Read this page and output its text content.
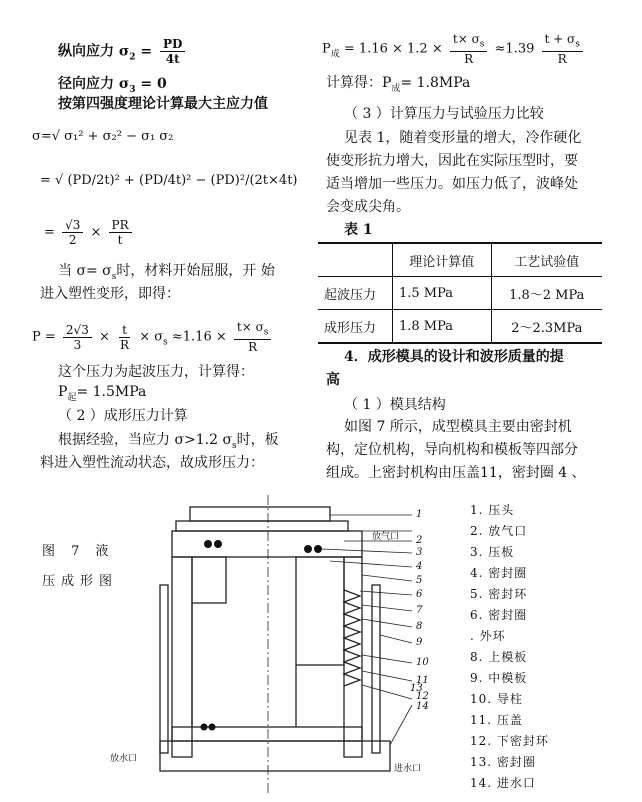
纵向应力 $\sigma_2 = \frac{PD}{4t}$
径向应力 $\sigma_3 = 0$
按第四强度理论计算最大主应力值
σ=√ σ₁² + σ₂² − σ₁ σ₂
= √ (PD/2t)² + (PD/4t)² − (PD)²/(2t×4t)
= $\frac{√3}{2} \times \frac{PR}{t}$
当 $\sigma= \sigma_s$时，材料开始屈服，开 始
进入塑性变形，即得：
$P = \frac{2√3}{3} \times \frac{t}{R} \times \sigma_s \approx 1.16 \times \frac{t\times \sigma_s}{R}$
这个压力为起波压力，计算得：
$P_起= 1.5MPa$
（ 2 ）成形压力计算
根据经验，当应力 σ>1.2 $\sigma_s$时，板
料进入塑性流动状态，故成形压力：
$P_成 = 1.16 \times 1.2 \times \frac{t\times \sigma_s}{R} \approx 1.39 \frac{t + \sigma_s}{R}$
计算得：$P_成= 1.8MPa$
（ 3 ）计算压力与试验压力比较
见表 1，随着变形量的增大，冷作硬化
使变形抗力增大，因此在实际压型时，要
适当增加一些压力。如压力低了，波峰处
会变成尖角。
表 1
	理论计算值	工艺试验值
起波压力	1.5 MPa	1.8～2 MPa
成形压力	1.8 MPa	2～2.3MPa
4．成形模具的设计和波形质量的提
高
（ 1 ）模具结构
如图 7 所示，成型模具主要由密封机
构，定位机构，导向机构和模板等四部分
组成。上密封机构由压盖11，密封圈 4 、
图 7 液
压成形图
1
2
3
4
5
6
7
8
9
10
11
12
13
14
放气口
放水口
进水口
1. 压头
2. 放气口
3. 压板
4. 密封圈
5. 密封环
6. 密封圈
. 外环
8. 上模板
9. 中模板
10. 导柱
11. 压盖
12. 下密封环
13. 密封圈
14. 进水口
